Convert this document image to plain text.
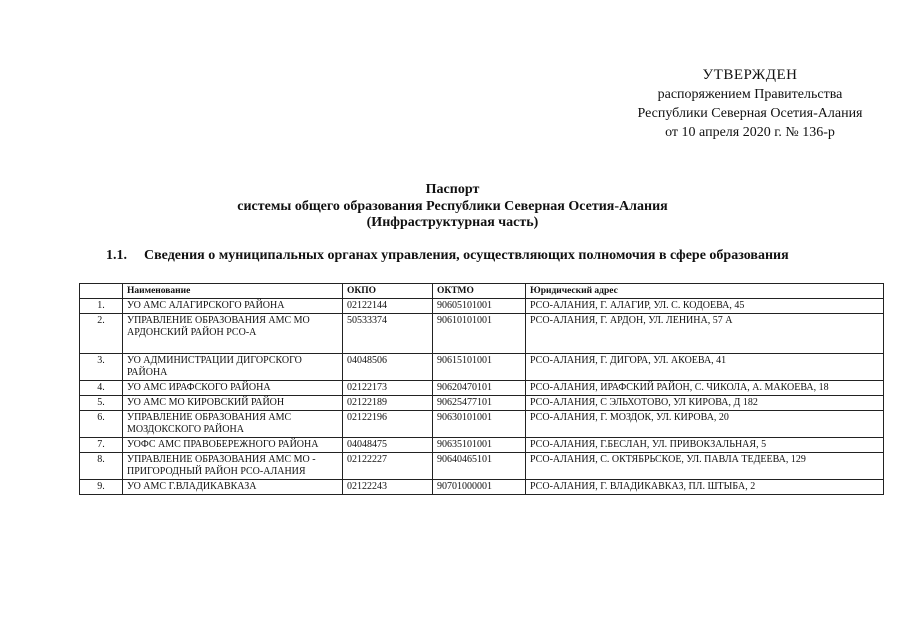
УТВЕРЖДЕН
распоряжением Правительства
Республики Северная Осетия-Алания
от 10 апреля 2020 г. № 136-р
Паспорт
системы общего образования Республики Северная Осетия-Алания
(Инфраструктурная часть)
1.1. Сведения о муниципальных органах управления, осуществляющих полномочия в сфере образования
	Наименование	ОКПО	ОКТМО	Юридический адрес
1.	УО АМС АЛАГИРСКОГО РАЙОНА	02122144	90605101001	РСО-АЛАНИЯ, Г. АЛАГИР, УЛ. С. КОДОЕВА, 45
2.	УПРАВЛЕНИЕ ОБРАЗОВАНИЯ АМС МО АРДОНСКИЙ РАЙОН РСО-А	50533374	90610101001	РСО-АЛАНИЯ, Г. АРДОН, УЛ. ЛЕНИНА, 57 А
3.	УО АДМИНИСТРАЦИИ ДИГОРСКОГО РАЙОНА	04048506	90615101001	РСО-АЛАНИЯ, Г. ДИГОРА, УЛ. АКОЕВА, 41
4.	УО АМС ИРАФСКОГО РАЙОНА	02122173	90620470101	РСО-АЛАНИЯ, ИРАФСКИЙ РАЙОН, С. ЧИКОЛА, А. МАКОЕВА, 18
5.	УО АМС МО КИРОВСКИЙ РАЙОН	02122189	90625477101	РСО-АЛАНИЯ, С ЭЛЬХОТОВО, УЛ КИРОВА, Д 182
6.	УПРАВЛЕНИЕ ОБРАЗОВАНИЯ АМС МОЗДОКСКОГО РАЙОНА	02122196	90630101001	РСО-АЛАНИЯ, Г. МОЗДОК, УЛ. КИРОВА, 20
7.	УОФС АМС ПРАВОБЕРЕЖНОГО РАЙОНА	04048475	90635101001	РСО-АЛАНИЯ, Г.БЕСЛАН, УЛ. ПРИВОКЗАЛЬНАЯ, 5
8.	УПРАВЛЕНИЕ ОБРАЗОВАНИЯ АМС МО - ПРИГОРОДНЫЙ РАЙОН РСО-АЛАНИЯ	02122227	90640465101	РСО-АЛАНИЯ, С. ОКТЯБРЬСКОЕ, УЛ. ПАВЛА ТЕДЕЕВА, 129
9.	УО АМС Г.ВЛАДИКАВКАЗА	02122243	90701000001	РСО-АЛАНИЯ, Г. ВЛАДИКАВКАЗ, ПЛ. ШТЫБА, 2
